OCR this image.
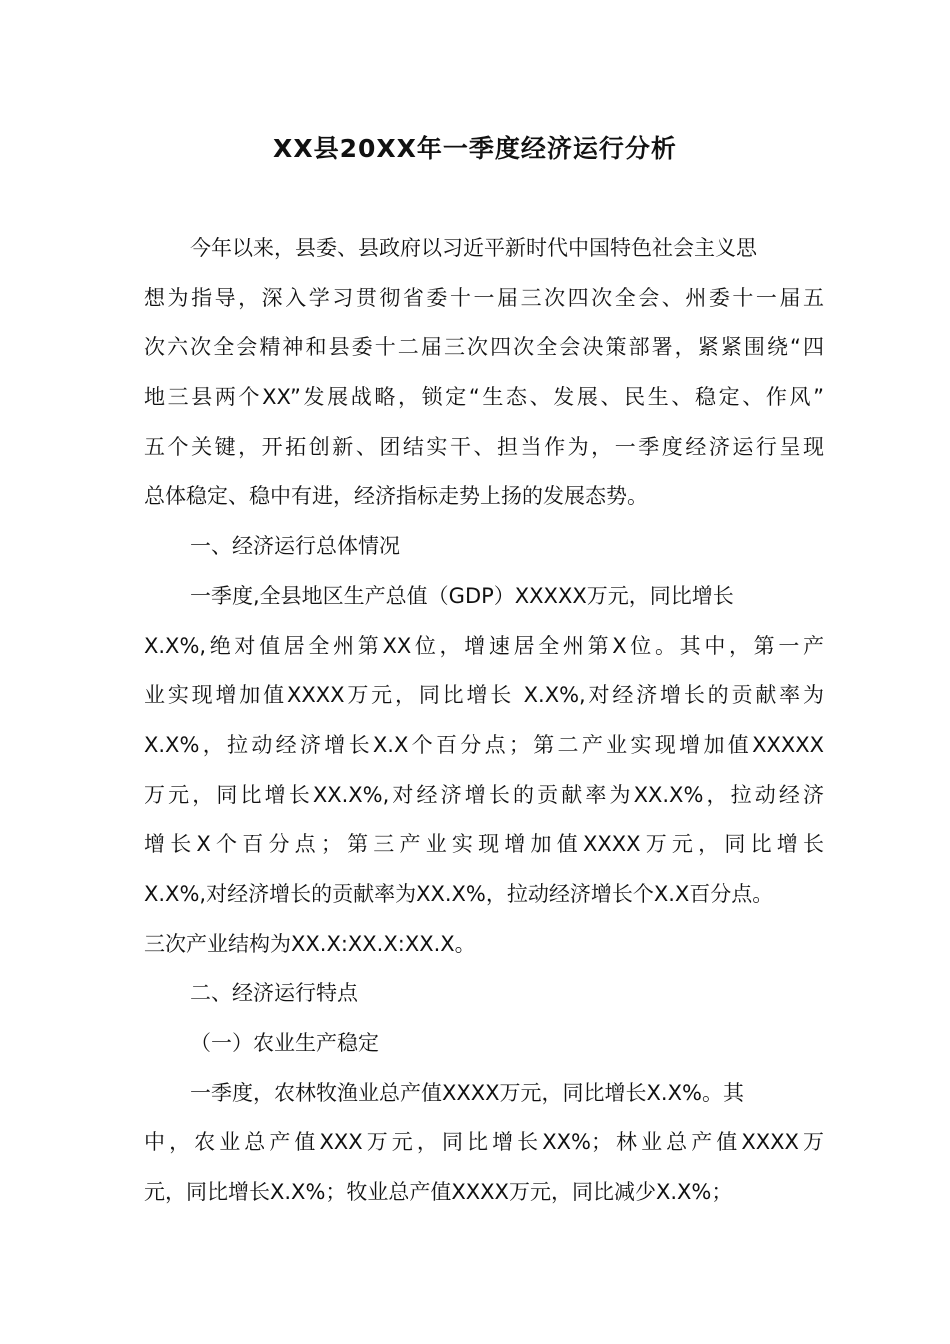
XX县20XX年一季度经济运行分析
今年以来，县委、县政府以习近平新时代中国特色社会主义思
想为指导，深入学习贯彻省委十一届三次四次全会、州委十一届五
次六次全会精神和县委十二届三次四次全会决策部署，紧紧围绕“四
地三县两个XX”发展战略，锁定“生态、发展、民生、稳定、作风”
五个关键，开拓创新、团结实干、担当作为，一季度经济运行呈现
总体稳定、稳中有进，经济指标走势上扬的发展态势。
一、经济运行总体情况
一季度,全县地区生产总值（GDP）XXXXX万元，同比增长
X.X%,绝对值居全州第XX位，增速居全州第X位。其中，第一产
业实现增加值XXXX万元，同比增长 X.X%,对经济增长的贡献率为
X.X%，拉动经济增长X.X个百分点；第二产业实现增加值XXXXX
万元，同比增长XX.X%,对经济增长的贡献率为XX.X%，拉动经济
增长X个百分点；第三产业实现增加值XXXX万元，同比增长
X.X%,对经济增长的贡献率为XX.X%，拉动经济增长个X.X百分点。
三次产业结构为XX.X:XX.X:XX.X。
二、经济运行特点
（一）农业生产稳定
一季度，农林牧渔业总产值XXXX万元，同比增长X.X%。其
中，农业总产值XXX万元，同比增长XX%；林业总产值XXXX万
元，同比增长X.X%；牧业总产值XXXX万元，同比减少X.X%；
